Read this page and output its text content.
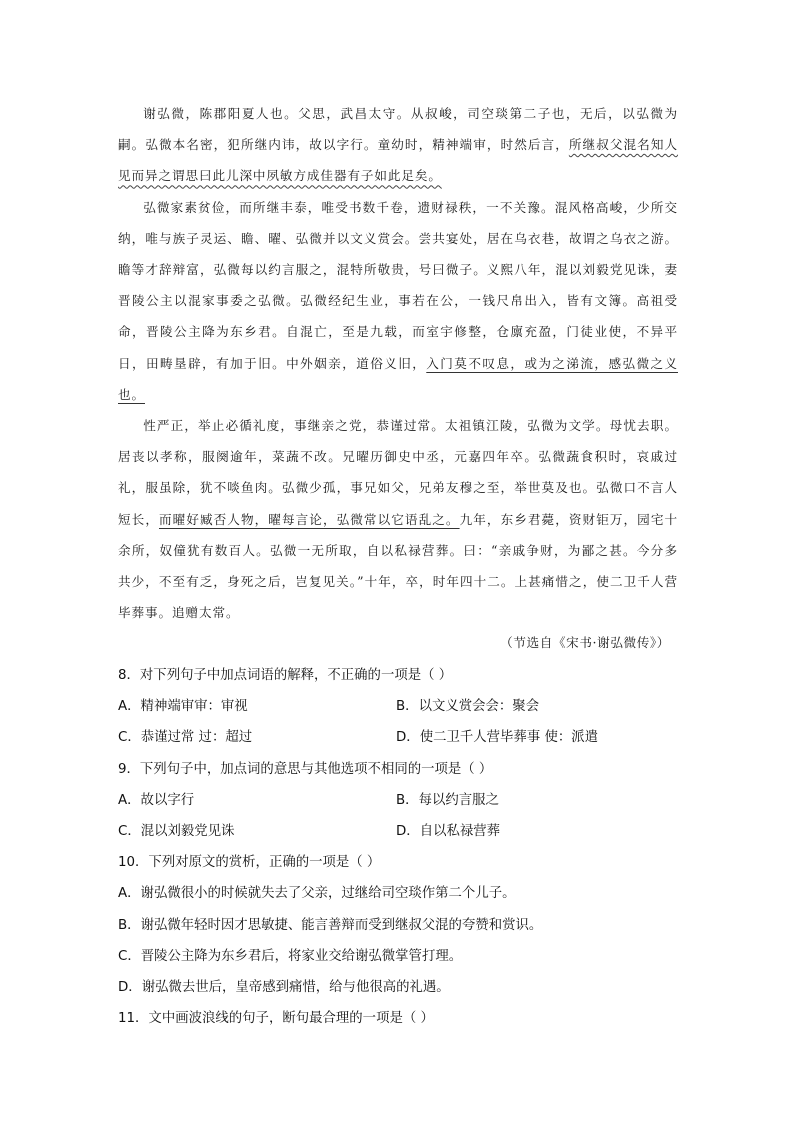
谢弘微，陈郡阳夏人也。父思，武昌太守。从叔峻，司空琰第二子也，无后，以弘微为嗣。弘微本名密，犯所继内讳，故以字行。童幼时，精神端审，时然后言，所继叔父混名知人见而异之谓思曰此儿深中夙敏方成佳器有子如此足矣。

弘微家素贫俭，而所继丰泰，唯受书数千卷，遗财禄秩，一不关豫。混风格高峻，少所交纳，唯与族子灵运、瞻、曜、弘微并以文义赏会。尝共宴处，居在乌衣巷，故谓之乌衣之游。瞻等才辞辩富，弘微每以约言服之，混特所敬贵，号曰微子。义熙八年，混以刘毅党见诛，妻晋陵公主以混家事委之弘微。弘微经纪生业，事若在公，一钱尺帛出入，皆有文簿。高祖受命，晋陵公主降为东乡君。自混亡，至是九载，而室宇修整，仓廪充盈，门徒业使，不异平日，田畴垦辟，有加于旧。中外姻亲，道俗义旧，入门莫不叹息，或为之涕流，感弘微之义也。

性严正，举止必循礼度，事继亲之党，恭谨过常。太祖镇江陵，弘微为文学。母忧去职。居丧以孝称，服阕逾年，菜蔬不改。兄曜历御史中丞，元嘉四年卒。弘微蔬食积时，哀戚过礼，服虽除，犹不啖鱼肉。弘微少孤，事兄如父，兄弟友穆之至，举世莫及也。弘微口不言人短长，而曜好臧否人物，曜每言论，弘微常以它语乱之。九年，东乡君薨，资财钜万，园宅十余所，奴僮犹有数百人。弘微一无所取，自以私禄营葬。曰：“亲戚争财，为鄙之甚。今分多共少，不至有乏，身死之后，岂复见关。”十年，卒，时年四十二。上甚痛惜之，使二卫千人营毕葬事。追赠太常。

（节选自《宋书·谢弘微传》）
8．对下列句子中加点词语的解释，不正确的一项是（ ）
A．精神端审审：审视	B．以文义赏会会：聚会
C．恭谨过常 过：超过	D．使二卫千人营毕葬事 使：派遣
9．下列句子中，加点词的意思与其他选项不相同的一项是（ ）
A．故以字行	B．每以约言服之
C．混以刘毅党见诛	D．自以私禄营葬
10．下列对原文的赏析，正确的一项是（ ）
A．谢弘微很小的时候就失去了父亲，过继给司空琰作第二个儿子。
B．谢弘微年轻时因才思敏捷、能言善辩而受到继叔父混的夸赞和赏识。
C．晋陵公主降为东乡君后，将家业交给谢弘微掌管打理。
D．谢弘微去世后，皇帝感到痛惜，给与他很高的礼遇。
11．文中画波浪线的句子，断句最合理的一项是（ ）
